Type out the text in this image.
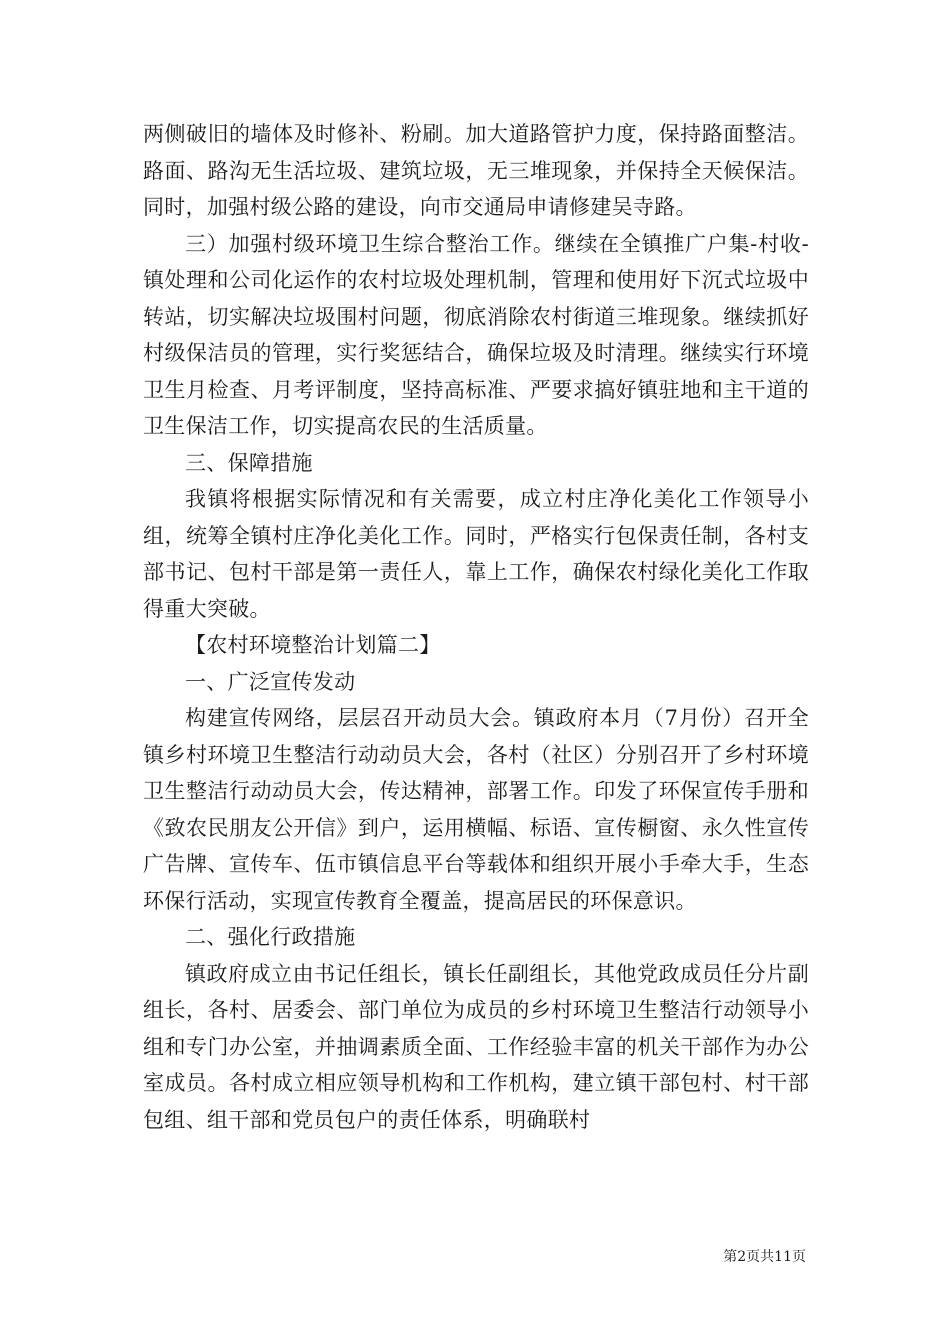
两侧破旧的墙体及时修补、粉刷。加大道路管护力度，保持路面整洁。路面、路沟无生活垃圾、建筑垃圾，无三堆现象，并保持全天候保洁。同时，加强村级公路的建设，向市交通局申请修建吴寺路。

三）加强村级环境卫生综合整治工作。继续在全镇推广户集-村收-镇处理和公司化运作的农村垃圾处理机制，管理和使用好下沉式垃圾中转站，切实解决垃圾围村问题，彻底消除农村街道三堆现象。继续抓好村级保洁员的管理，实行奖惩结合，确保垃圾及时清理。继续实行环境卫生月检查、月考评制度，坚持高标准、严要求搞好镇驻地和主干道的卫生保洁工作，切实提高农民的生活质量。

三、保障措施

我镇将根据实际情况和有关需要，成立村庄净化美化工作领导小组，统筹全镇村庄净化美化工作。同时，严格实行包保责任制，各村支部书记、包村干部是第一责任人，靠上工作，确保农村绿化美化工作取得重大突破。

【农村环境整治计划篇二】

一、广泛宣传发动

构建宣传网络，层层召开动员大会。镇政府本月（7月份）召开全镇乡村环境卫生整洁行动动员大会，各村（社区）分别召开了乡村环境卫生整洁行动动员大会，传达精神，部署工作。印发了环保宣传手册和《致农民朋友公开信》到户，运用横幅、标语、宣传橱窗、永久性宣传广告牌、宣传车、伍市镇信息平台等载体和组织开展小手牵大手，生态环保行活动，实现宣传教育全覆盖，提高居民的环保意识。

二、强化行政措施

镇政府成立由书记任组长，镇长任副组长，其他党政成员任分片副组长，各村、居委会、部门单位为成员的乡村环境卫生整洁行动领导小组和专门办公室，并抽调素质全面、工作经验丰富的机关干部作为办公室成员。各村成立相应领导机构和工作机构，建立镇干部包村、村干部包组、组干部和党员包户的责任体系，明确联村

第2页共11页
